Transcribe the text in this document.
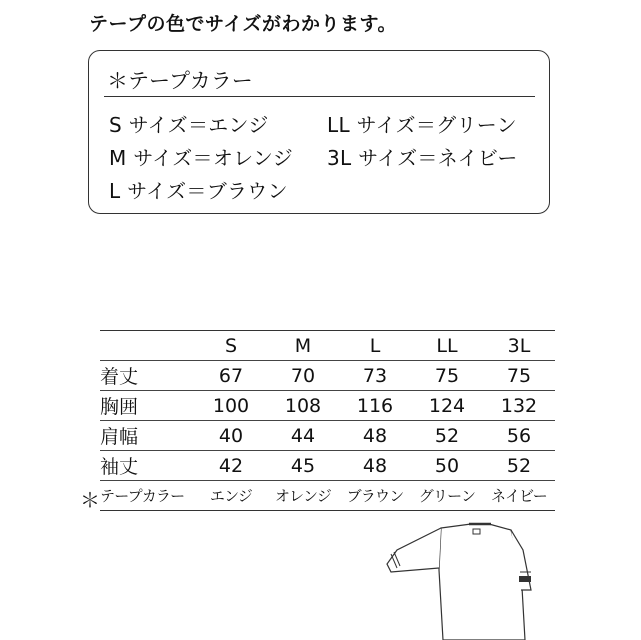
テープの色でサイズがわかります。
＊テープカラー
S サイズ＝エンジ
M サイズ＝オレンジ
L サイズ＝ブラウン
LL サイズ＝グリーン
3L サイズ＝ネイビー
	S	M	L	LL	3L
着丈	67	70	73	75	75
胸囲	100	108	116	124	132
肩幅	40	44	48	52	56
袖丈	42	45	48	50	52
テープカラー	エンジ	オレンジ	ブラウン	グリーン	ネイビー
＊
